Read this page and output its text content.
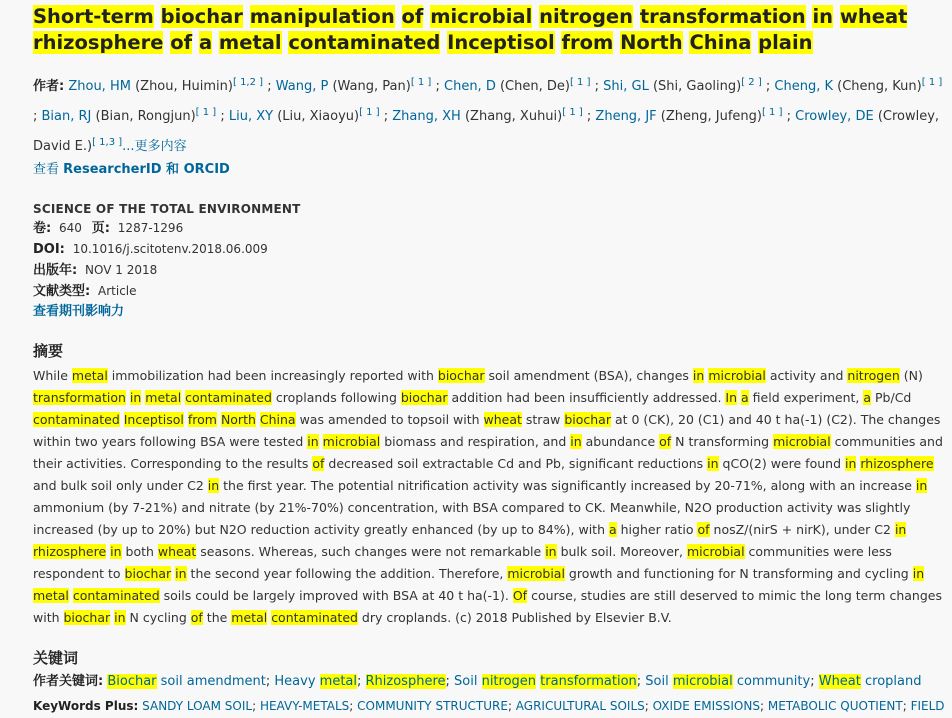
Short-term biochar manipulation of microbial nitrogen transformation in wheat rhizosphere of a metal contaminated Inceptisol from North China plain
作者: Zhou, HM (Zhou, Huimin)[ 1,2 ] ; Wang, P (Wang, Pan)[ 1 ] ; Chen, D (Chen, De)[ 1 ] ; Shi, GL (Shi, Gaoling)[ 2 ] ; Cheng, K (Cheng, Kun)[ 1 ] ; Bian, RJ (Bian, Rongjun)[ 1 ] ; Liu, XY (Liu, Xiaoyu)[ 1 ] ; Zhang, XH (Zhang, Xuhui)[ 1 ] ; Zheng, JF (Zheng, Jufeng)[ 1 ] ; Crowley, DE (Crowley, David E.)[ 1,3 ]...更多内容
查看 ResearcherID 和 ORCID
SCIENCE OF THE TOTAL ENVIRONMENT
卷: 640 页: 1287-1296
DOI: 10.1016/j.scitotenv.2018.06.009
出版年: NOV 1 2018
文献类型: Article
查看期刊影响力
摘要
While metal immobilization had been increasingly reported with biochar soil amendment (BSA), changes in microbial activity and nitrogen (N) transformation in metal contaminated croplands following biochar addition had been insufficiently addressed. In a field experiment, a Pb/Cd contaminated Inceptisol from North China was amended to topsoil with wheat straw biochar at 0 (CK), 20 (C1) and 40 t ha(-1) (C2). The changes within two years following BSA were tested in microbial biomass and respiration, and in abundance of N transforming microbial communities and their activities. Corresponding to the results of decreased soil extractable Cd and Pb, significant reductions in qCO(2) were found in rhizosphere and bulk soil only under C2 in the first year. The potential nitrification activity was significantly increased by 20-71%, along with an increase in ammonium (by 7-21%) and nitrate (by 21%-70%) concentration, with BSA compared to CK. Meanwhile, N2O production activity was slightly increased (by up to 20%) but N2O reduction activity greatly enhanced (by up to 84%), with a higher ratio of nosZ/(nirS + nirK), under C2 in rhizosphere in both wheat seasons. Whereas, such changes were not remarkable in bulk soil. Moreover, microbial communities were less respondent to biochar in the second year following the addition. Therefore, microbial growth and functioning for N transforming and cycling in metal contaminated soils could be largely improved with BSA at 40 t ha(-1). Of course, studies are still deserved to mimic the long term changes with biochar in N cycling of the metal contaminated dry croplands. (c) 2018 Published by Elsevier B.V.
关键词
作者关键词: Biochar soil amendment; Heavy metal; Rhizosphere; Soil nitrogen transformation; Soil microbial community; Wheat cropland
KeyWords Plus: SANDY LOAM SOIL; HEAVY-METALS; COMMUNITY STRUCTURE; AGRICULTURAL SOILS; OXIDE EMISSIONS; METABOLIC QUOTIENT; FIELD
